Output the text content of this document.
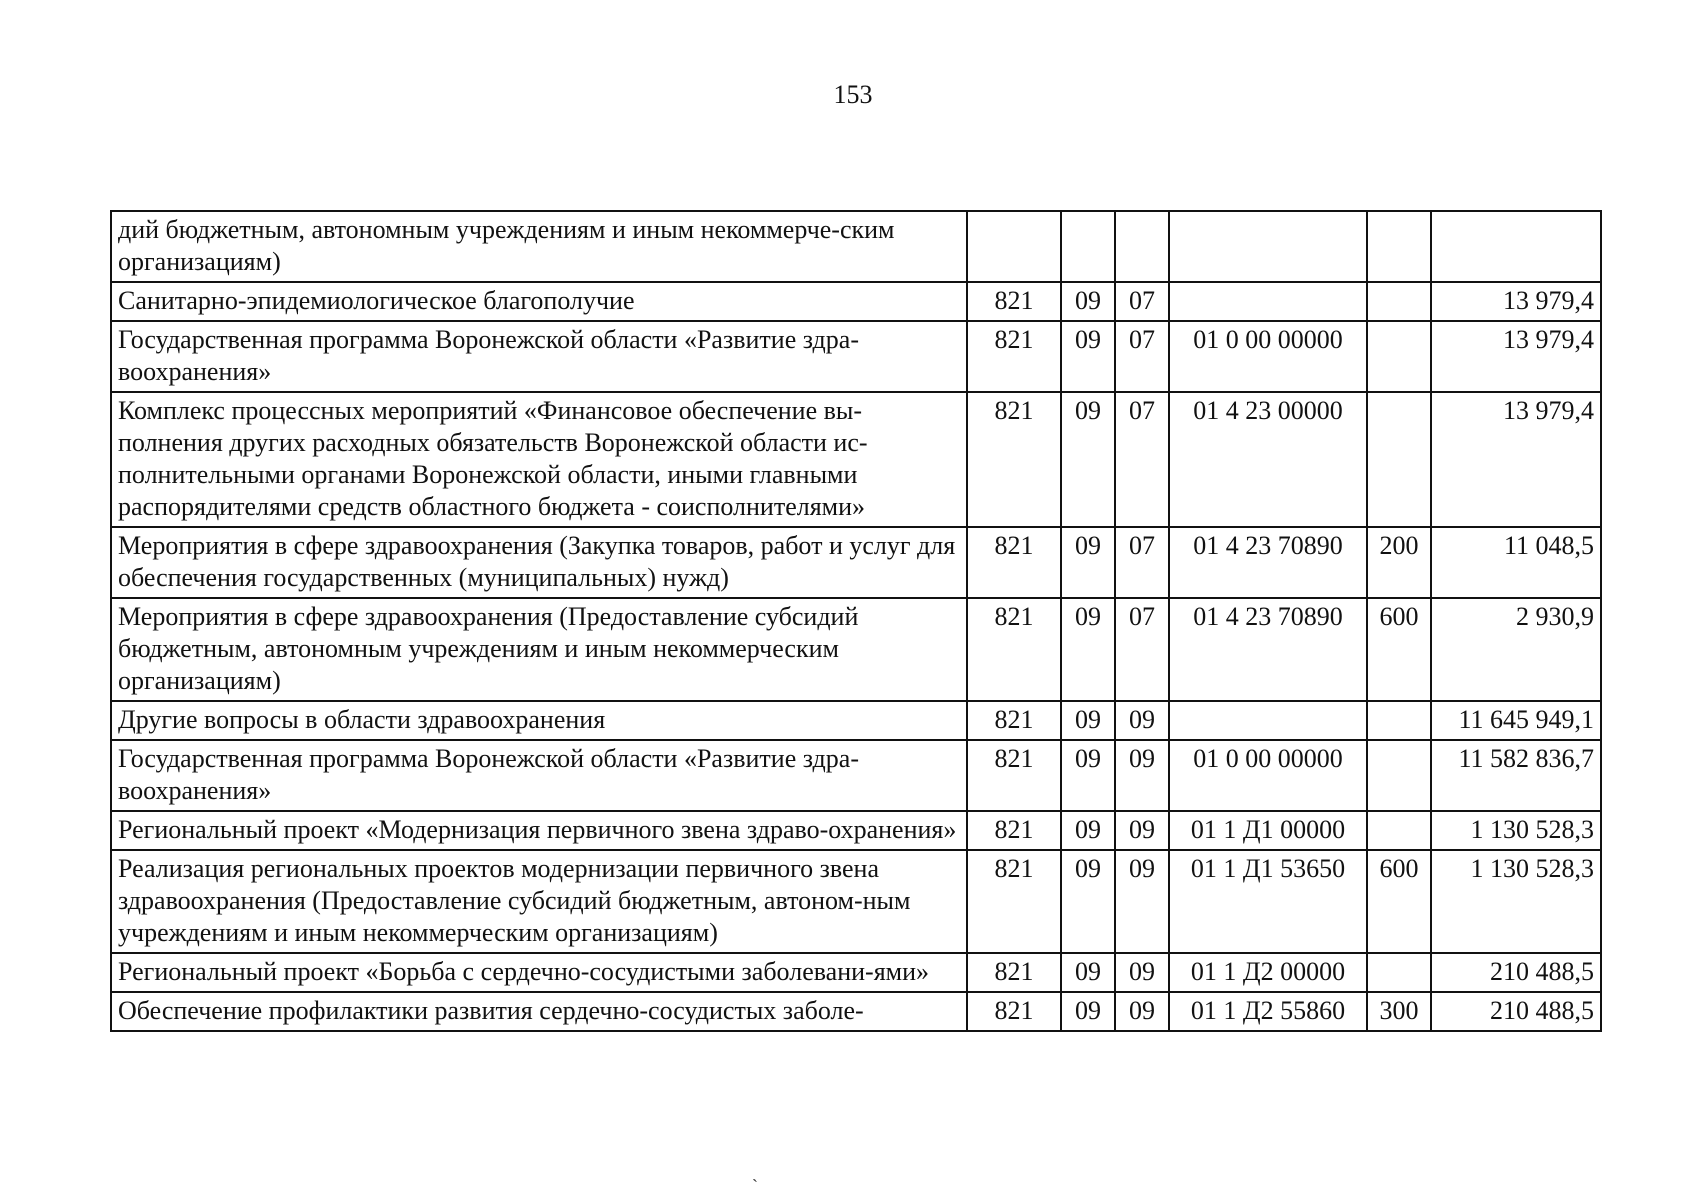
153
дий бюджетным, автономным учреждениям и иным некоммерче-ским организациям)						
Санитарно-эпидемиологическое благополучие	821	09	07			13 979,4
Государственная программа Воронежской области «Развитие здра-воохранения»	821	09	07	01 0 00 00000		13 979,4
Комплекс процессных мероприятий «Финансовое обеспечение вы-полнения других расходных обязательств Воронежской области ис-полнительными органами Воронежской области, иными главными распорядителями средств областного бюджета - соисполнителями»	821	09	07	01 4 23 00000		13 979,4
Мероприятия в сфере здравоохранения (Закупка товаров, работ и услуг для обеспечения государственных (муниципальных) нужд)	821	09	07	01 4 23 70890	200	11 048,5
Мероприятия в сфере здравоохранения (Предоставление субсидий бюджетным, автономным учреждениям и иным некоммерческим организациям)	821	09	07	01 4 23 70890	600	2 930,9
Другие вопросы в области здравоохранения	821	09	09			11 645 949,1
Государственная программа Воронежской области «Развитие здра-воохранения»	821	09	09	01 0 00 00000		11 582 836,7
Региональный проект «Модернизация первичного звена здраво-охранения»	821	09	09	01 1 Д1 00000		1 130 528,3
Реализация региональных проектов модернизации первичного звена здравоохранения (Предоставление субсидий бюджетным, автоном-ным учреждениям и иным некоммерческим организациям)	821	09	09	01 1 Д1 53650	600	1 130 528,3
Региональный проект «Борьба с сердечно-сосудистыми заболевани-ями»	821	09	09	01 1 Д2 00000		210 488,5
Обеспечение профилактики развития сердечно-сосудистых заболе-	821	09	09	01 1 Д2 55860	300	210 488,5
ˎ
